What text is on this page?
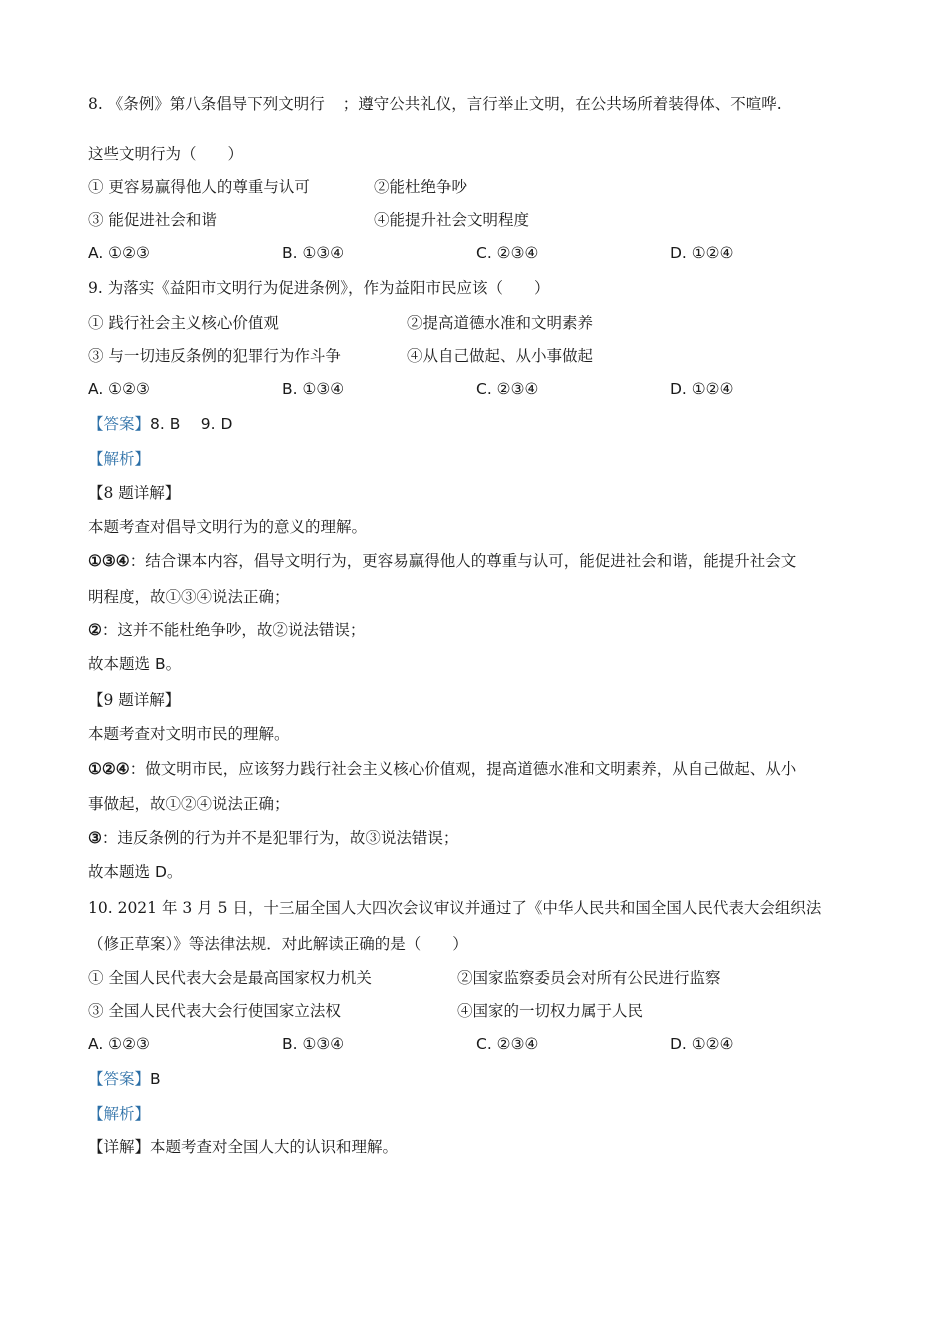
8. 《条例》第八条倡导下列文明行 ；遵守公共礼仪，言行举止文明，在公共场所着装得体、不喧哗.
这些文明行为（　　）
① 更容易赢得他人的尊重与认可	②能杜绝争吵
③ 能促进社会和谐	④能提升社会文明程度
A. ①②③	B. ①③④	C. ②③④	D. ①②④
9. 为落实《益阳市文明行为促进条例》，作为益阳市民应该（　　）
① 践行社会主义核心价值观	②提高道德水准和文明素养
③ 与一切违反条例的犯罪行为作斗争	④从自己做起、从小事做起
A. ①②③	B. ①③④	C. ②③④	D. ①②④
【答案】8. B　 9. D
【解析】
【8 题详解】
本题考查对倡导文明行为的意义的理解。
①③④：结合课本内容，倡导文明行为，更容易赢得他人的尊重与认可，能促进社会和谐，能提升社会文
明程度，故①③④说法正确；
②：这并不能杜绝争吵，故②说法错误；
故本题选 B。
【9 题详解】
本题考查对文明市民的理解。
①②④：做文明市民，应该努力践行社会主义核心价值观，提高道德水准和文明素养，从自己做起、从小
事做起，故①②④说法正确；
③：违反条例的行为并不是犯罪行为，故③说法错误；
故本题选 D。
10. 2021 年 3 月 5 日，十三届全国人大四次会议审议并通过了《中华人民共和国全国人民代表大会组织法
（修正草案）》等法律法规．对此解读正确的是（　　）
① 全国人民代表大会是最高国家权力机关	②国家监察委员会对所有公民进行监察
③ 全国人民代表大会行使国家立法权	④国家的一切权力属于人民
A. ①②③	B. ①③④	C. ②③④	D. ①②④
【答案】B
【解析】
【详解】本题考查对全国人大的认识和理解。
